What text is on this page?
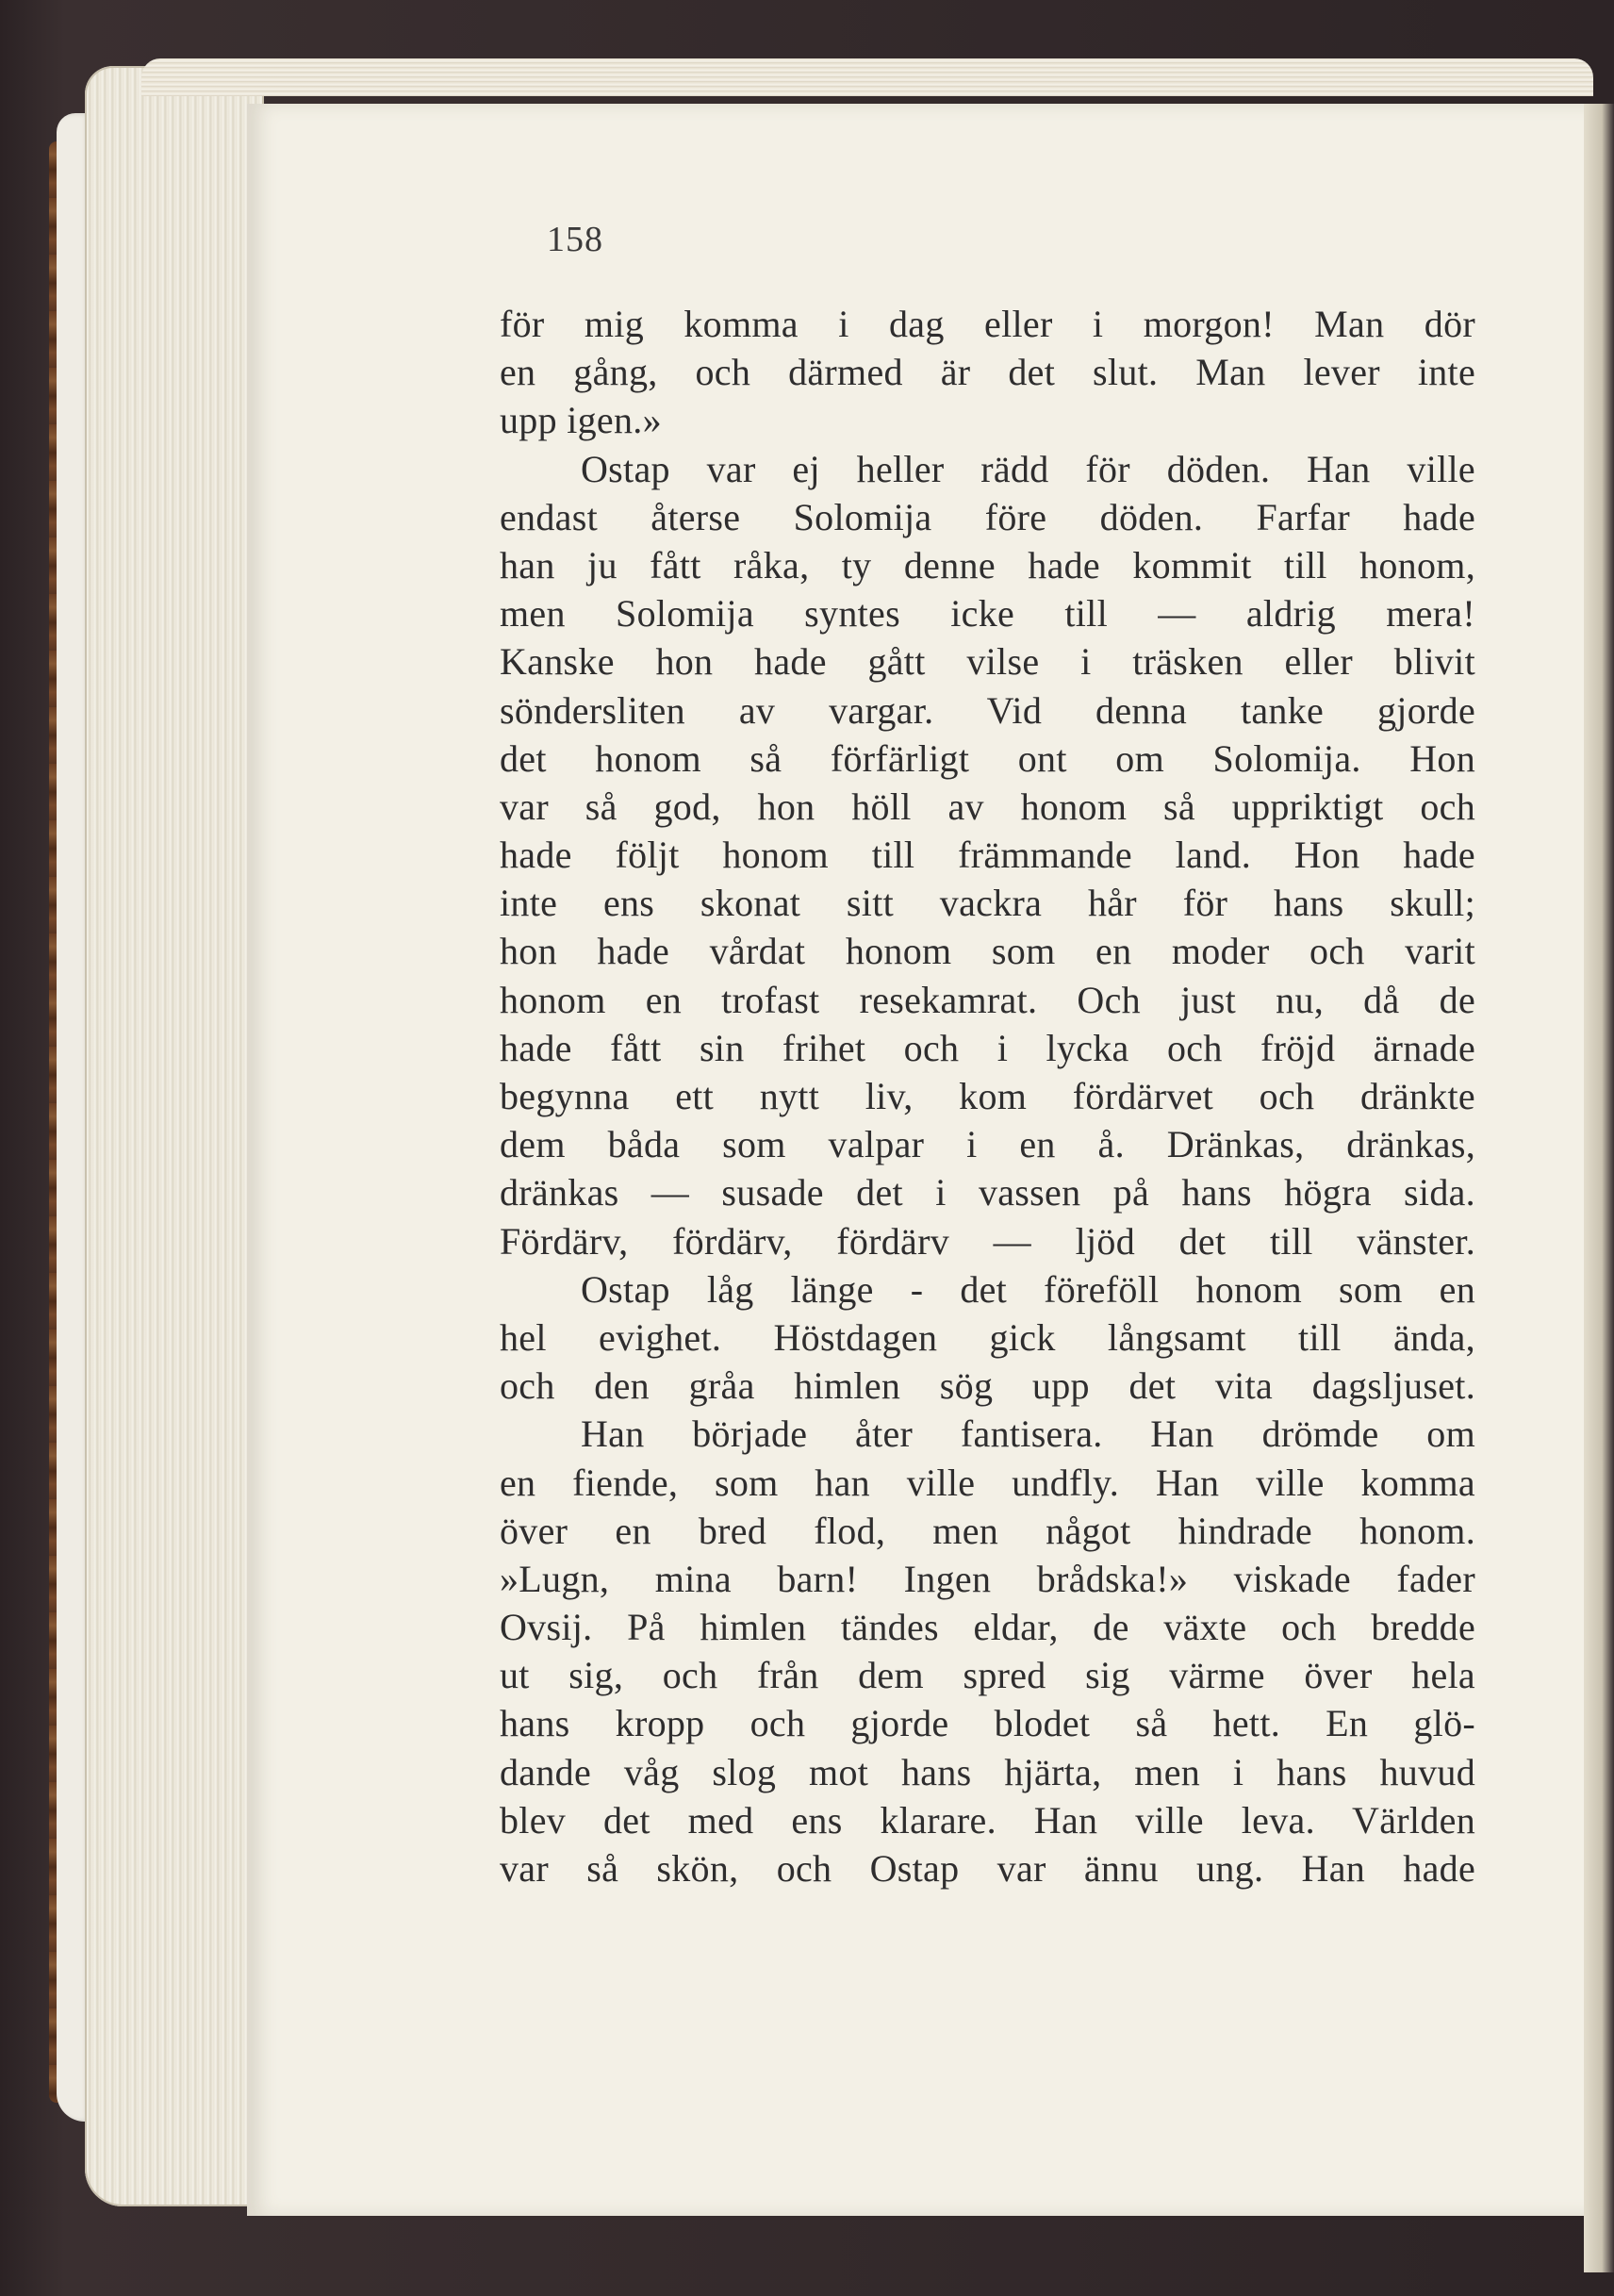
158
för mig komma i dag eller i morgon! Man dör
en gång, och därmed är det slut. Man lever inte
upp igen.»
Ostap var ej heller rädd för döden. Han ville
endast återse Solomija före döden. Farfar hade
han ju fått råka, ty denne hade kommit till honom,
men Solomija syntes icke till — aldrig mera!
Kanske hon hade gått vilse i träsken eller blivit
söndersliten av vargar. Vid denna tanke gjorde
det honom så förfärligt ont om Solomija. Hon
var så god, hon höll av honom så uppriktigt och
hade följt honom till främmande land. Hon hade
inte ens skonat sitt vackra hår för hans skull;
hon hade vårdat honom som en moder och varit
honom en trofast resekamrat. Och just nu, då de
hade fått sin frihet och i lycka och fröjd ärnade
begynna ett nytt liv, kom fördärvet och dränkte
dem båda som valpar i en å. Dränkas, dränkas,
dränkas — susade det i vassen på hans högra sida.
Fördärv, fördärv, fördärv — ljöd det till vänster.
Ostap låg länge - det föreföll honom som en
hel evighet. Höstdagen gick långsamt till ända,
och den gråa himlen sög upp det vita dagsljuset.
Han började åter fantisera. Han drömde om
en fiende, som han ville undfly. Han ville komma
över en bred flod, men något hindrade honom.
»Lugn, mina barn! Ingen brådska!» viskade fader
Ovsij. På himlen tändes eldar, de växte och bredde
ut sig, och från dem spred sig värme över hela
hans kropp och gjorde blodet så hett. En glö-
dande våg slog mot hans hjärta, men i hans huvud
blev det med ens klarare. Han ville leva. Världen
var så skön, och Ostap var ännu ung. Han hade
